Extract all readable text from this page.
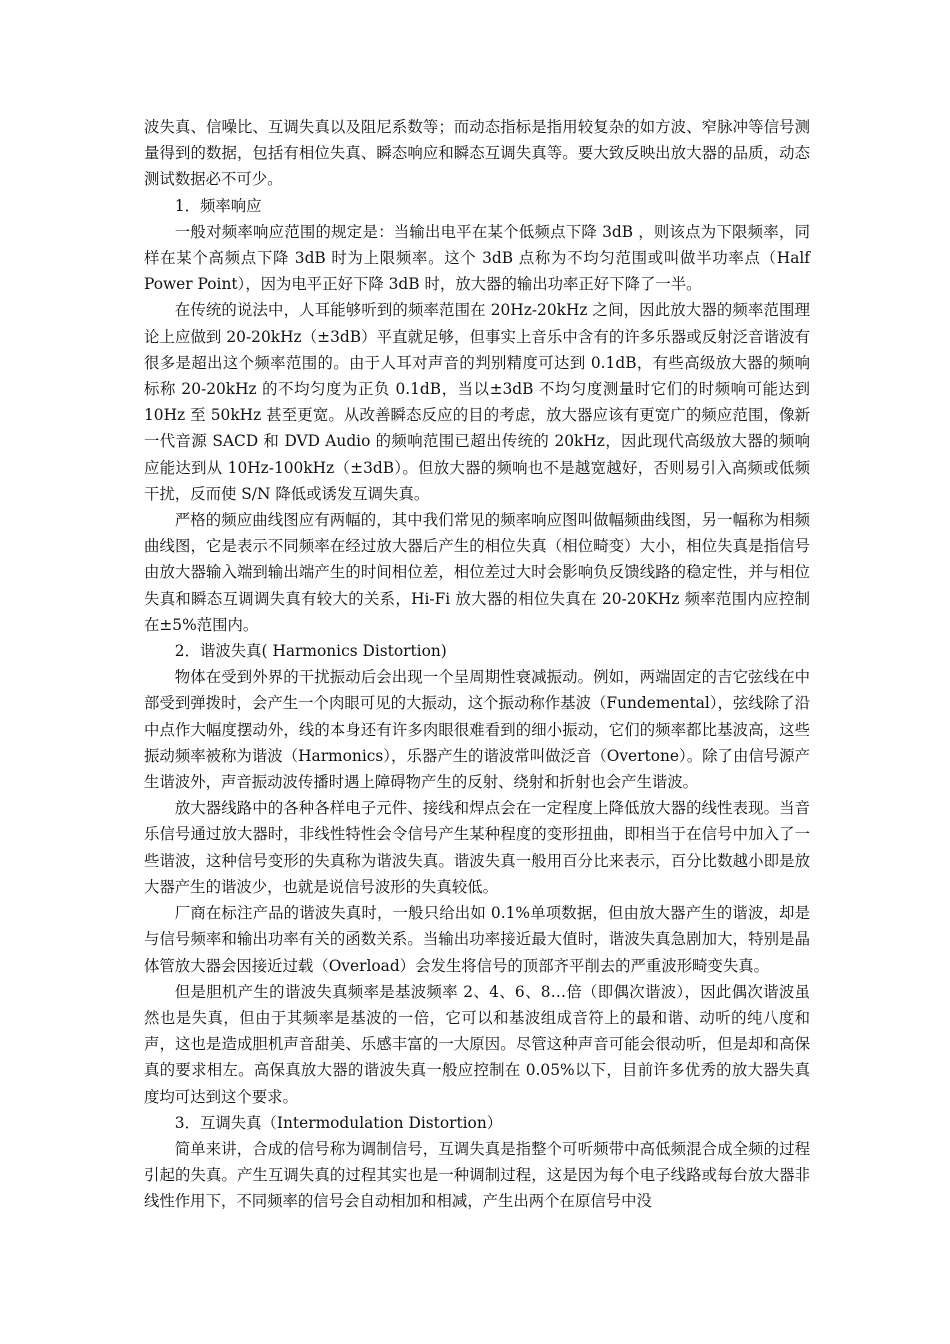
波失真、信噪比、互调失真以及阻尼系数等；而动态指标是指用较复杂的如方波、窄脉冲等信号测量得到的数据，包括有相位失真、瞬态响应和瞬态互调失真等。要大致反映出放大器的品质，动态测试数据必不可少。

1．频率响应

一般对频率响应范围的规定是：当输出电平在某个低频点下降 3dB ，则该点为下限频率，同样在某个高频点下降 3dB 时为上限频率。这个 3dB 点称为不均匀范围或叫做半功率点（Half Power Point），因为电平正好下降 3dB 时，放大器的输出功率正好下降了一半。

在传统的说法中，人耳能够听到的频率范围在 20Hz-20kHz 之间，因此放大器的频率范围理论上应做到 20-20kHz（±3dB）平直就足够，但事实上音乐中含有的许多乐器或反射泛音谐波有很多是超出这个频率范围的。由于人耳对声音的判别精度可达到 0.1dB，有些高级放大器的频响标称 20-20kHz 的不均匀度为正负 0.1dB，当以±3dB 不均匀度测量时它们的时频响可能达到 10Hz 至 50kHz 甚至更宽。从改善瞬态反应的目的考虑，放大器应该有更宽广的频应范围，像新一代音源 SACD 和 DVD Audio 的频响范围已超出传统的 20kHz，因此现代高级放大器的频响应能达到从 10Hz-100kHz（±3dB）。但放大器的频响也不是越宽越好，否则易引入高频或低频干扰，反而使 S/N 降低或诱发互调失真。

严格的频应曲线图应有两幅的，其中我们常见的频率响应图叫做幅频曲线图，另一幅称为相频曲线图，它是表示不同频率在经过放大器后产生的相位失真（相位畸变）大小，相位失真是指信号由放大器输入端到输出端产生的时间相位差，相位差过大时会影响负反馈线路的稳定性，并与相位失真和瞬态互调调失真有较大的关系，Hi-Fi 放大器的相位失真在 20-20KHz 频率范围内应控制在±5%范围内。

2．谐波失真( Harmonics Distortion)

物体在受到外界的干扰振动后会出现一个呈周期性衰减振动。例如，两端固定的吉它弦线在中部受到弹拨时，会产生一个肉眼可见的大振动，这个振动称作基波（Fundemental），弦线除了沿中点作大幅度摆动外，线的本身还有许多肉眼很难看到的细小振动，它们的频率都比基波高，这些振动频率被称为谐波（Harmonics），乐器产生的谐波常叫做泛音（Overtone）。除了由信号源产生谐波外，声音振动波传播时遇上障碍物产生的反射、绕射和折射也会产生谐波。

放大器线路中的各种各样电子元件、接线和焊点会在一定程度上降低放大器的线性表现。当音乐信号通过放大器时，非线性特性会令信号产生某种程度的变形扭曲，即相当于在信号中加入了一些谐波，这种信号变形的失真称为谐波失真。谐波失真一般用百分比来表示，百分比数越小即是放大器产生的谐波少，也就是说信号波形的失真较低。

厂商在标注产品的谐波失真时，一般只给出如 0.1%单项数据，但由放大器产生的谐波，却是与信号频率和输出功率有关的函数关系。当输出功率接近最大值时，谐波失真急剧加大，特别是晶体管放大器会因接近过载（Overload）会发生将信号的顶部齐平削去的严重波形畸变失真。

但是胆机产生的谐波失真频率是基波频率 2、4、6、8…倍（即偶次谐波），因此偶次谐波虽然也是失真，但由于其频率是基波的一倍，它可以和基波组成音符上的最和谐、动听的纯八度和声，这也是造成胆机声音甜美、乐感丰富的一大原因。尽管这种声音可能会很动听，但是却和高保真的要求相左。高保真放大器的谐波失真一般应控制在 0.05%以下，目前许多优秀的放大器失真度均可达到这个要求。

3．互调失真（Intermodulation Distortion）

简单来讲，合成的信号称为调制信号，互调失真是指整个可听频带中高低频混合成全频的过程引起的失真。产生互调失真的过程其实也是一种调制过程，这是因为每个电子线路或每台放大器非线性作用下，不同频率的信号会自动相加和相减，产生出两个在原信号中没
